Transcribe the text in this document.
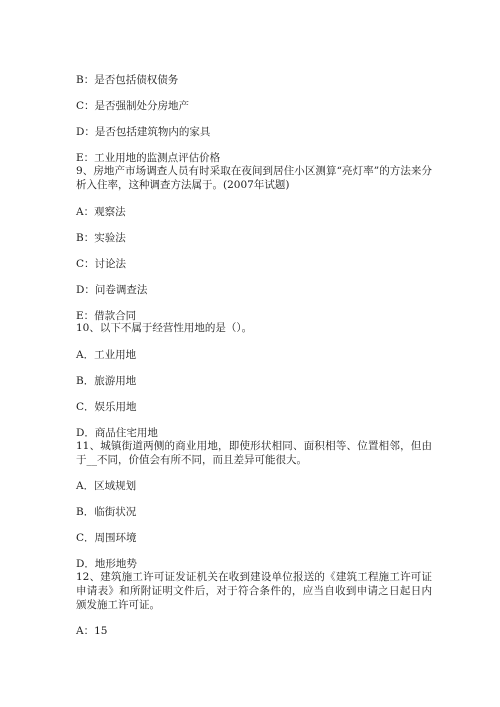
B：是否包括债权债务
C：是否强制处分房地产
D：是否包括建筑物内的家具
E：工业用地的监测点评估价格
9、房地产市场调查人员有时采取在夜间到居住小区测算“亮灯率”的方法来分析入住率，这种调查方法属于。(2007年试题)
A：观察法
B：实验法
C：讨论法
D：问卷调查法
E：借款合同
10、以下不属于经营性用地的是（）。
A．工业用地
B．旅游用地
C．娱乐用地
D．商品住宅用地
11、城镇街道两侧的商业用地，即使形状相同、面积相等、位置相邻，但由于__不同，价值会有所不同，而且差异可能很大。
A．区域规划
B．临街状况
C．周围环境
D．地形地势
12、建筑施工许可证发证机关在收到建设单位报送的《建筑工程施工许可证申请表》和所附证明文件后，对于符合条件的，应当自收到申请之日起日内颁发施工许可证。
A：15
